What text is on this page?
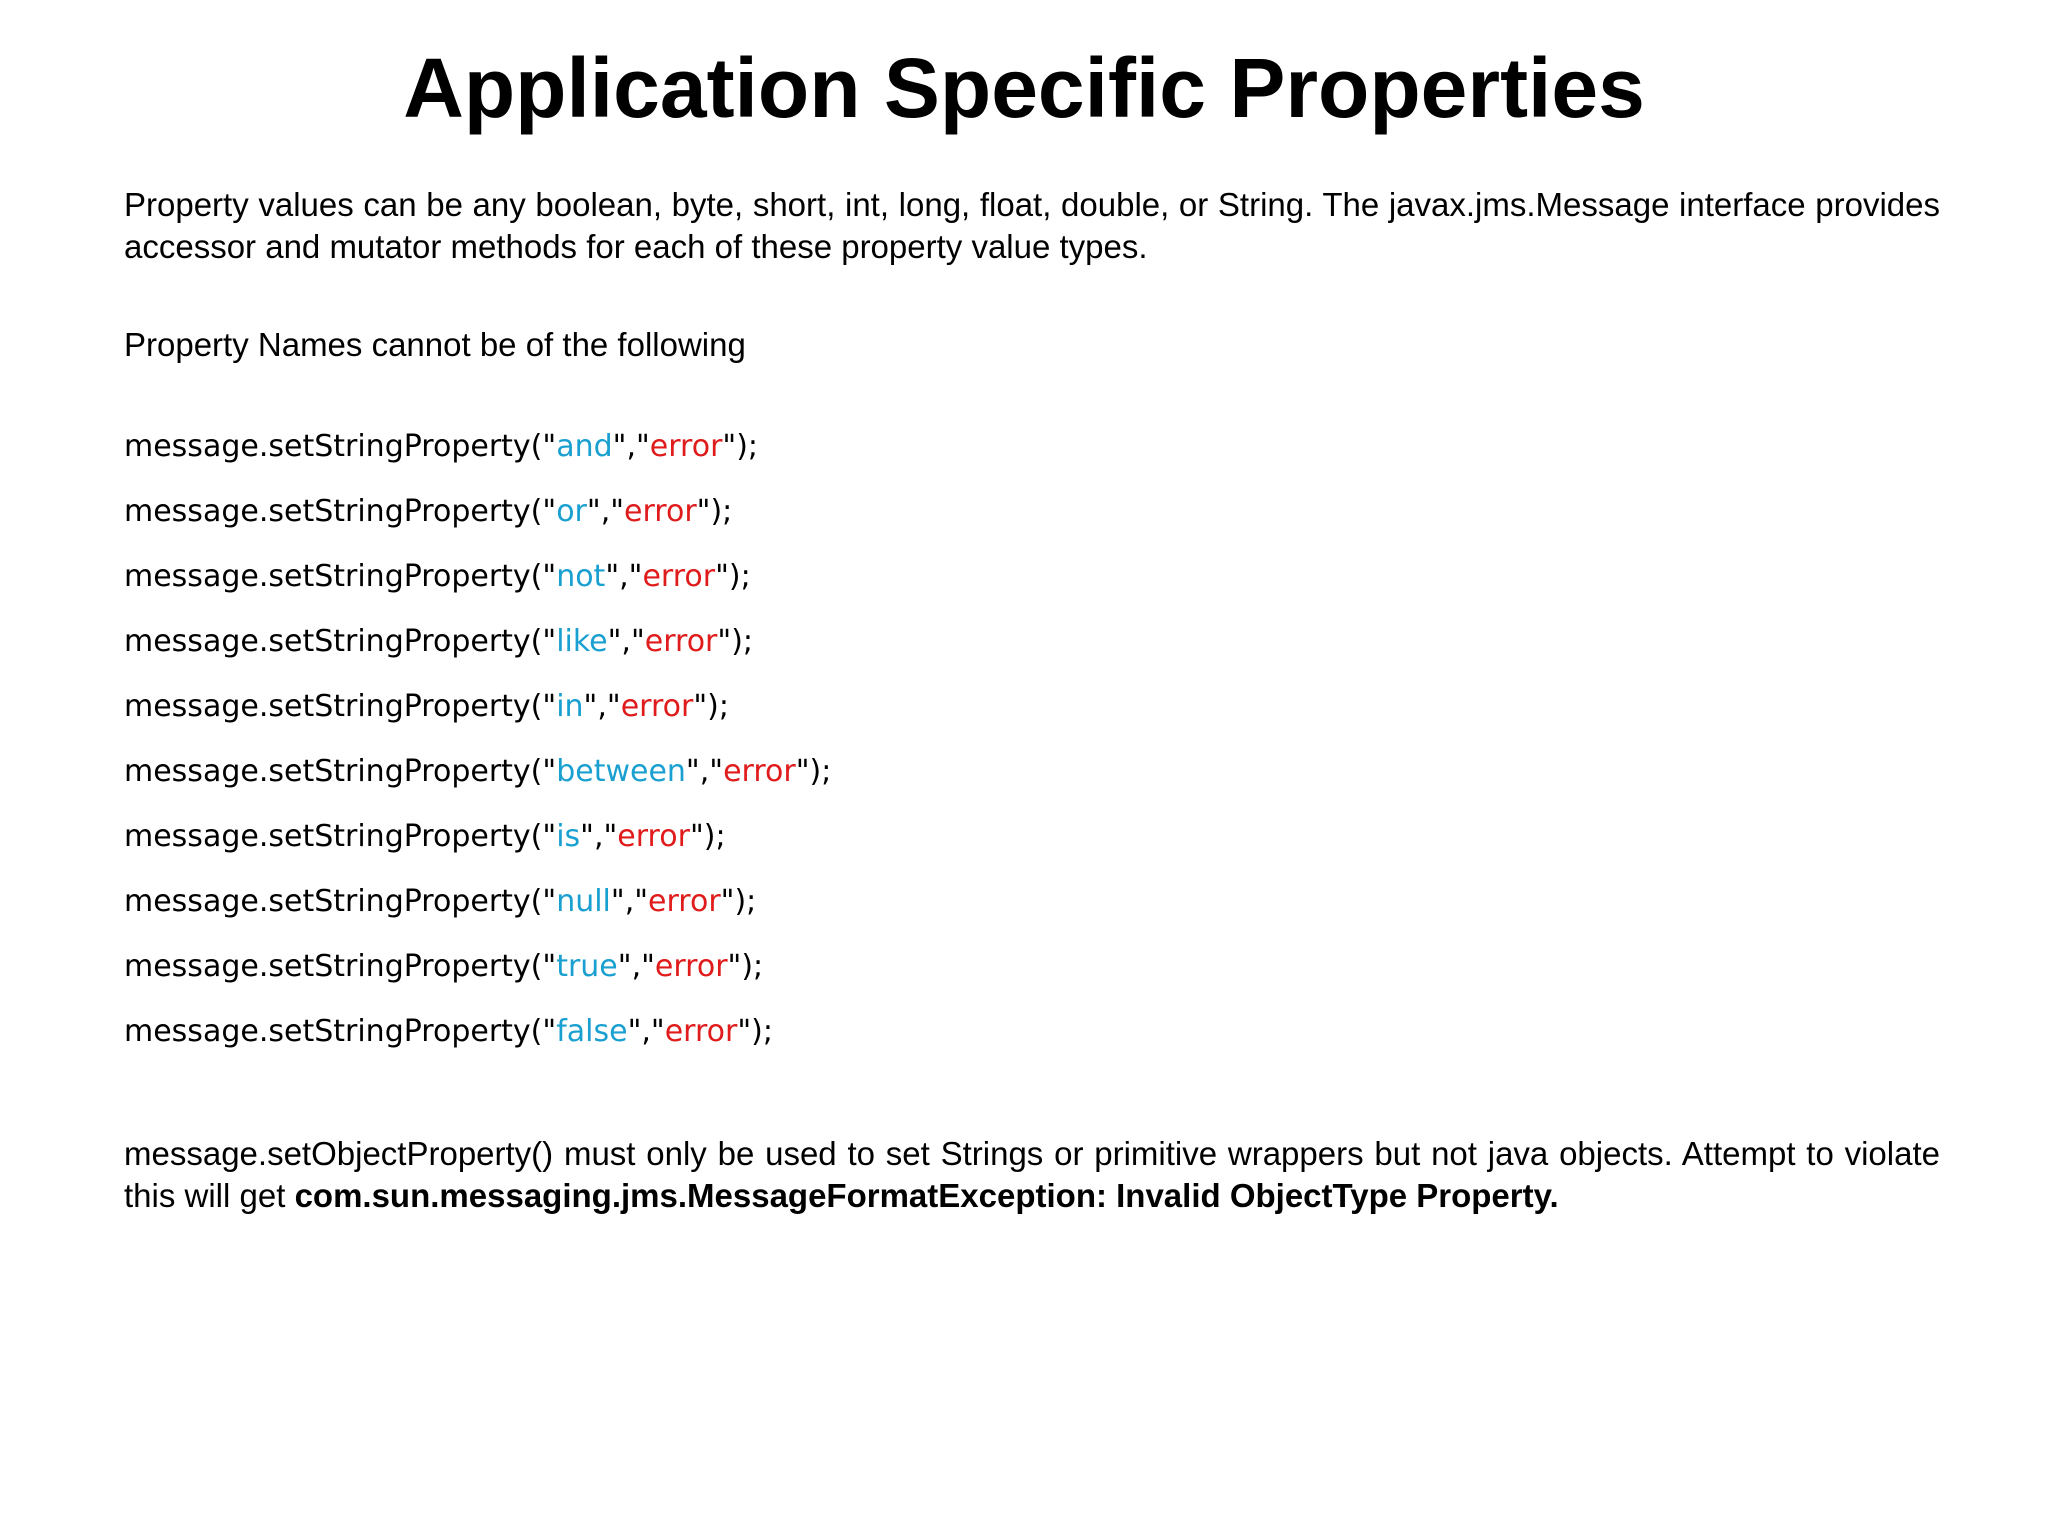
Application Specific Properties

Property values can be any boolean, byte, short, int, long, float, double, or String. The javax.jms.Message interface provides accessor and mutator methods for each of these property value types.

Property Names cannot be of the following

message.setStringProperty("and","error");
message.setStringProperty("or","error");
message.setStringProperty("not","error");
message.setStringProperty("like","error");
message.setStringProperty("in","error");
message.setStringProperty("between","error");
message.setStringProperty("is","error");
message.setStringProperty("null","error");
message.setStringProperty("true","error");
message.setStringProperty("false","error");

message.setObjectProperty() must only be used to set Strings or primitive wrappers but not java objects. Attempt to violate this will get com.sun.messaging.jms.MessageFormatException: Invalid ObjectType Property.
